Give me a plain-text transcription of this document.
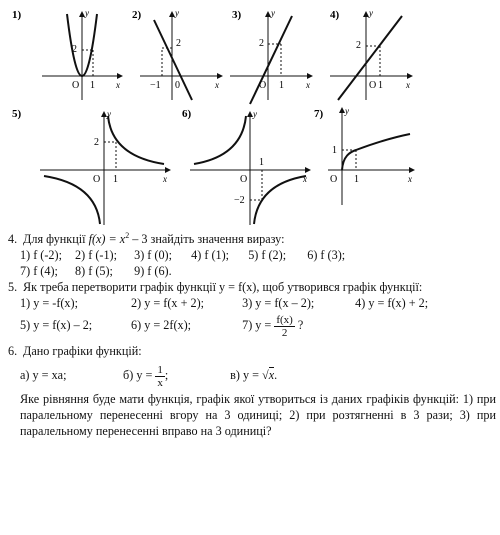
1)	y
x
O
2
1
2)	y
x
0
2
−1
3)	y
x
O
2
1
4)	y
x
O
2
1
5)	y
x
O
2
1
6)	y
x
O
1
−2
7) y
x
O
1
1
4. Для функції $f(x) = x^2 - 3$ знайдіть значення виразу:
1) f (-2); 2) f (-1); 3) f (0); 4) f (1); 5) f (2); 6) f (3);
7) f (4); 8) f (5); 9) f (6).
5. Як треба перетворити графік функції y = f(x), щоб утворився графік функції:
1) y = -f(x);	2) y = f(x + 2);	3) y = f(x – 2);	4) y = f(x) + 2;
5) y = f(x) – 2;	6) y = 2f(x);	7) $y = \frac{f(x)}{2}$ ?
6. Дано графіки функцій:
а) y = xa;	б) $y = \frac{1}{x}$ ;	в) y = √x.
Яке рівняння буде мати функція, графік якої утвориться із даних графіків функцій: 1) при паралельному перенесенні вгору на 3 одиниці; 2) при розтягненні в 3 рази; 3) при паралельному перенесенні вправо на 3 одиниці?
